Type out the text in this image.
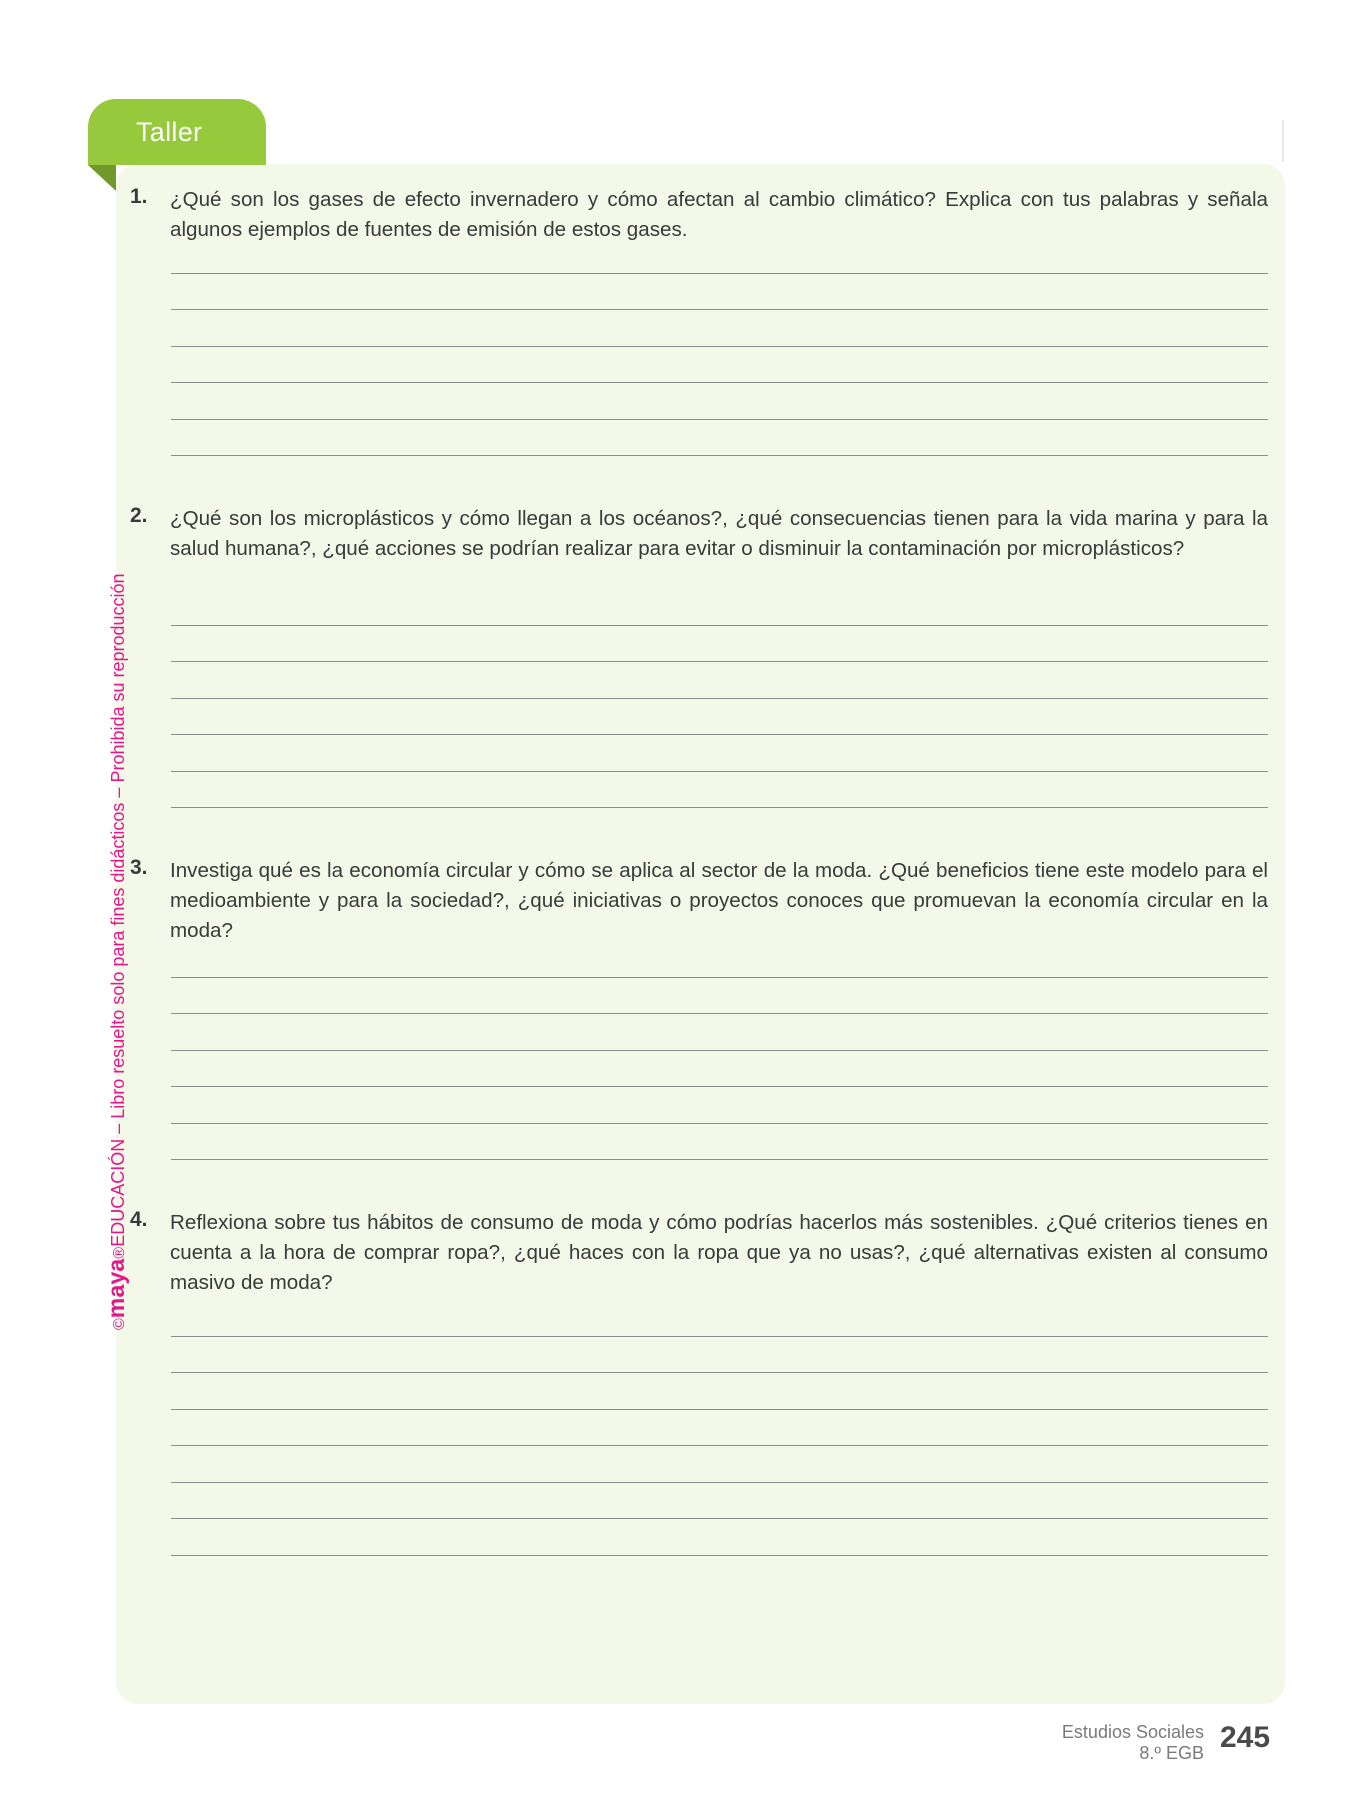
Taller
©maya®EDUCACIÓN – Libro resuelto solo para fines didácticos – Prohibida su reproducción
1. ¿Qué son los gases de efecto invernadero y cómo afectan al cambio climático? Explica con tus palabras y señala algunos ejemplos de fuentes de emisión de estos gases.
2. ¿Qué son los microplásticos y cómo llegan a los océanos?, ¿qué consecuencias tienen para la vida marina y para la salud humana?, ¿qué acciones se podrían realizar para evitar o disminuir la contaminación por microplásticos?
3. Investiga qué es la economía circular y cómo se aplica al sector de la moda. ¿Qué beneficios tiene este modelo para el medioambiente y para la sociedad?, ¿qué iniciativas o proyectos conoces que promuevan la economía circular en la moda?
4. Reflexiona sobre tus hábitos de consumo de moda y cómo podrías hacerlos más sostenibles. ¿Qué criterios tienes en cuenta a la hora de comprar ropa?, ¿qué haces con la ropa que ya no usas?, ¿qué alternativas existen al consumo masivo de moda?
Estudios Sociales
8.º EGB 245
